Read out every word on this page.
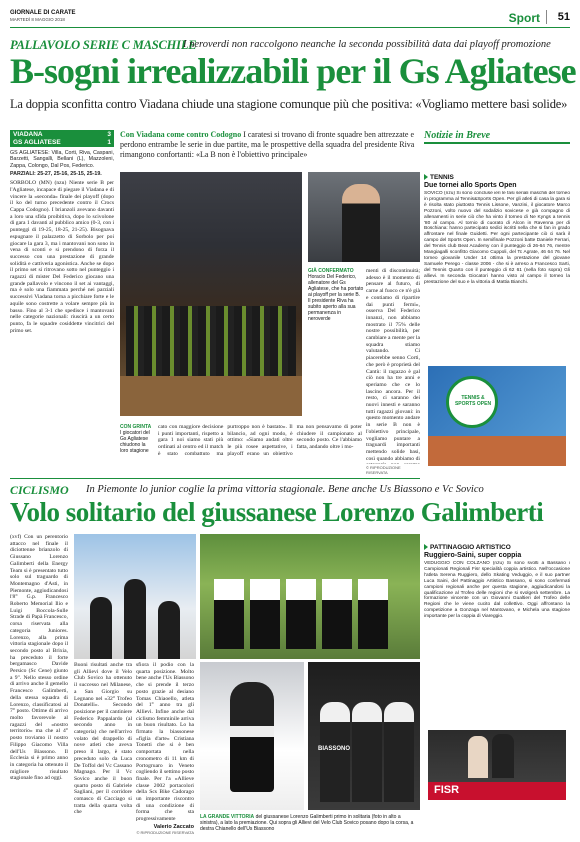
GIORNALE DI CARATE
MARTEDÌ 8 MAGGIO 2018	Sport 51
PALLAVOLO SERIE C MASCHILE
I neroverdi non raccolgono neanche la seconda possibilità data dai playoff promozione
B-sogni irrealizzabili per il Gs Agliatese
La doppia sconfitta contro Viadana chiude una stagione comunque più che positiva: «Vogliamo mettere basi solide»
VIADANA	3
GS AGLIATESE	1

GS AGLIATESE: Villa, Corti, Riva, Caspani, Barzetti, Sangalli, Bellani (L), Mazzoleni, Zappa, Colongo, Dal Pos, Federico.

PARZIALI: 25-27, 25-16, 25-15, 25-19.

SORBOLO (MN) (nzu) Niente serie B per l'Agliatese, incapace di piegare il Viadana e di vincere la «seconda» finale dei playoff (dopo il ko del turno precedente contro il Crocs Cappa Codogno). I brianzoli avevano davanti a loro una sfida proibitiva, dopo lo scivolone di gara 1 davanti al pubblico amico (0-3, con i punteggi di 19-25, 18-25, 21-25). Bisognava espugnare il palazzetto di Sorbolo per poi giocare la gara 3, ma i mantovani non sono in vena di sconti e si prendono di forza il successo con una prestazione di grande solidità e cattiveria agonistica. Anche se dopo il primo set si ritrovano sotto nel punteggio i ragazzi di mister Del Federico giocano una grande pallavolo e vincono il set ai vantaggi, ma è solo una fiammata perché nei parziali successivi Viadana torna a picchiare forte e le aquile sono costrette a volare sempre più in basso. Fino al 3-1 che spedisce i mantovani nelle categorie nazionali: riuscirà a un certo punto, fa le squadre cosiddette vincitrici del primo set.

Con Viadana come contro Codogno I caratesi si trovano di fronte squadre ben attrezzate e perdono entrambe le serie in due partite, ma le prospettive della squadra del presidente Riva rimangono confortanti: «La B non è l'obiettivo principale»
GIÀ CONFERMATO Horacio Del Federico, allenatore del Gs Agliatese, che ha portato ai playoff per la serie B. Il presidente Riva ha subito aperto alla sua permanenza in neroverde

menti di discontinuità; adesso è il momento di pensare al futuro, di carne al fuoco ce n'è già e contiamo di ripartire dai punti fermi», osserva Del Federico innanzi, non abbiamo mostrato il 75% delle nostre possibilità, per cambiare a mente per la squadra stiamo valutando. Ci piacerebbe senno Corti, che però è proprietà del Cantù: il ragazzo è gal ciò non ha tre anni e speriamo che ce lo lascino ancora. Per il resto, ci saranno dei nuovi innesti e saranno tutti ragazzi giovani: in questo momento andare in serie B non è l'obiettivo principale, vogliamo puntare a traguardi importanti mettendo solide basi, così quando abbiamo di

© RIPRODUZIONE RISERVATA

CON GRINTA
I giocatori del Gs Agliatese chiudono la loro stagione

cato con maggiore decisione i punti importanti, rispetto a gara 1 noi siamo stati più ordinati al centro ed il match è stato combattuto ma purtroppo non è bastato». Il bilancio, ad ogni modo, è ottimo: «Siamo andati oltre le più rosee aspettative, i playoff erano un obiettivo ma non pensavamo di poter chiudere il campionato al secondo posto. Ce l'abbiamo fatta, andando oltre i mo-

Notizie in Breve
TENNIS
Due tornei allo Sports Open

SOVICO (nzu) Si sono concluse ieri le fasi seriali maschili del torneo in programma al Tennis&Sports Open. Per gli atleti di casa la gara si è risolta stato piuttosto Tennis Lissone, Vanzini, il giocatore Marco Pozzoni, volto nuovo del sodalizio sovicese e già compagno di allenamenti in serie ciò che ha vinto il torneo di Ne Kyngs a tennis '80 al campo. Al tornio di cuorato di Alcon in Ravenna per di Boschiana: hanno partecipato sedici iscritti nella che si fan in grado affrontare nel finale Guidetti. Per ogni partecipante ciò ci sarà il campo del Sports Open. In semifinale Pozzoni batte Daniele Ferrari, del Tennis club Beat Academy con il punteggio di 26-64 76, mentre Mangiagalli sconfitto Giacomo Cuppoli, del Tc Agrate, 46 64 76. Nel torneo giovanile Under 14 ottima la prestazione del giovane Samuele Perego - classe 2006 - che si è arreso a Francesco Sarti, del Tennis Quarto con il punteggio di 62 61 (nella foto sopra) Gli allievi. In seconda Giocatori hanno visto al campo il torneo la prestazione del suo e la vittoria di Mattia Bianchi.

TENNIS & SPORTS OPEN
PATTINAGGIO ARTISTICO
Ruggiero-Saini, super coppia

VEDUGGIO CON COLZANO (nzu) Si sono svolti a Bassano i Campionati Regionali Fisr specialità coppia artistico. Nell'occasione l'atleta Serena Ruggiero, dello Skating Veduggio, e il suo partner Luca Saini, del Pattinaggio Artistico Bassano, si sono confermati campioni regionali anche per questa stagione, aggiudicandosi la qualificazione al Trofeo delle regioni che si svolgerà settembre. La formazione vincente con un Giovanni Gualtieri del Trofeo delle Regioni che le viene cucito dal collettivo. Oggi affrontano la competizione a Gonzaga nel Mantovano, e Michela una stagione importante per la coppia di Viareggio.

FISR
CICLISMO In Piemonte lo junior coglie la prima vittoria stagionale. Bene anche Us Biassono e Vc Sovico
Volo solitario del giussanese Lorenzo Galimberti

(xvf) Con un perentorio attacco nel finale il diciottenne brianzolo di Giussano Lorenzo Galimberti della Energy Team si è presentato tutto solo sul traguardo di Montemagno d'Asti, in Piemonte, aggiudicandosi l'8° G.p. Francesco Roberto Memorial Ilio e Luigi Boccola-Sulle Strade di Papà Francesco, corsa riservata alla categoria Juniores. Lorenzo, alla prima vittoria stagionale dopo il secondo posto al Brixia, ha preceduto il forte bergamasco Davide Persico (Sc Cene) giunto a 9". Nello stesso ordine di arrivo anche il gemello Francesco Galimberti, della stessa squadra di Lorenzo, classificatosi al 7° posto. Ottime di arrivo molto favorevole al ragazzi del «nostro territorio» ma che al 4° posto troviamo il nostro Filippo Giacomo Villa dell'Us Biassono. Il Ecclesia si è primo anno in categoria ha ottenuto il migliore risultato stagionale fino ad oggi.

Buoni risultati anche tra gli Allievi dove il Velo Club Sovico ha ottenuto il successo nel Milanese, a San Giorgio su Legnano nel «32° Trofeo Donatelli». Secondo posizione per il cantiniere Federico Pappalardo (al secondo anno in categoria) che nell'arrivo volato del drappello di nove atleti che aveva preso il largo, è stato preceduto solo da Luca De Toffol del Vc Cassano Magnago. Per il Vc Sovico anche il buon quarto posto di Gabriele Sagliani, per il corridore comasco di Cacciago si tratta della quarta volta che

sfiora il podio con la quarta posizione. Molto bene anche l'Us Biassono che si prende il terzo posto grazie al desiano Tomas Chiaoello, atleta del 1° anno tra gli Allievi. Infine anche dal ciclismo femminile arriva un buon risultato. Lo ha firmato la biassonese «figlia d'arte» Cristiana Tonetti che si è ben comportata nella cronometro di 11 km di Portogruaro in Veneto cogliendo il settimo posto finale. Per l'a «Allieve classe 2002 portacolori della Scs Bike Cadorago un importante riscontro di una condizione di forma che sta progressivamente

Valerio Zaccato

© RIPRODUZIONE RISERVATA

BIASSONO
LA GRANDE VITTORIA del giussanese Lorenzo Galimberti primo in solitaria (foto in alto a sinistra), a lato la premiazione. Qui sopra gli Allievi del Velo Club Sovico posano dopo la corsa, a destra Chianello dell'Us Biassono
